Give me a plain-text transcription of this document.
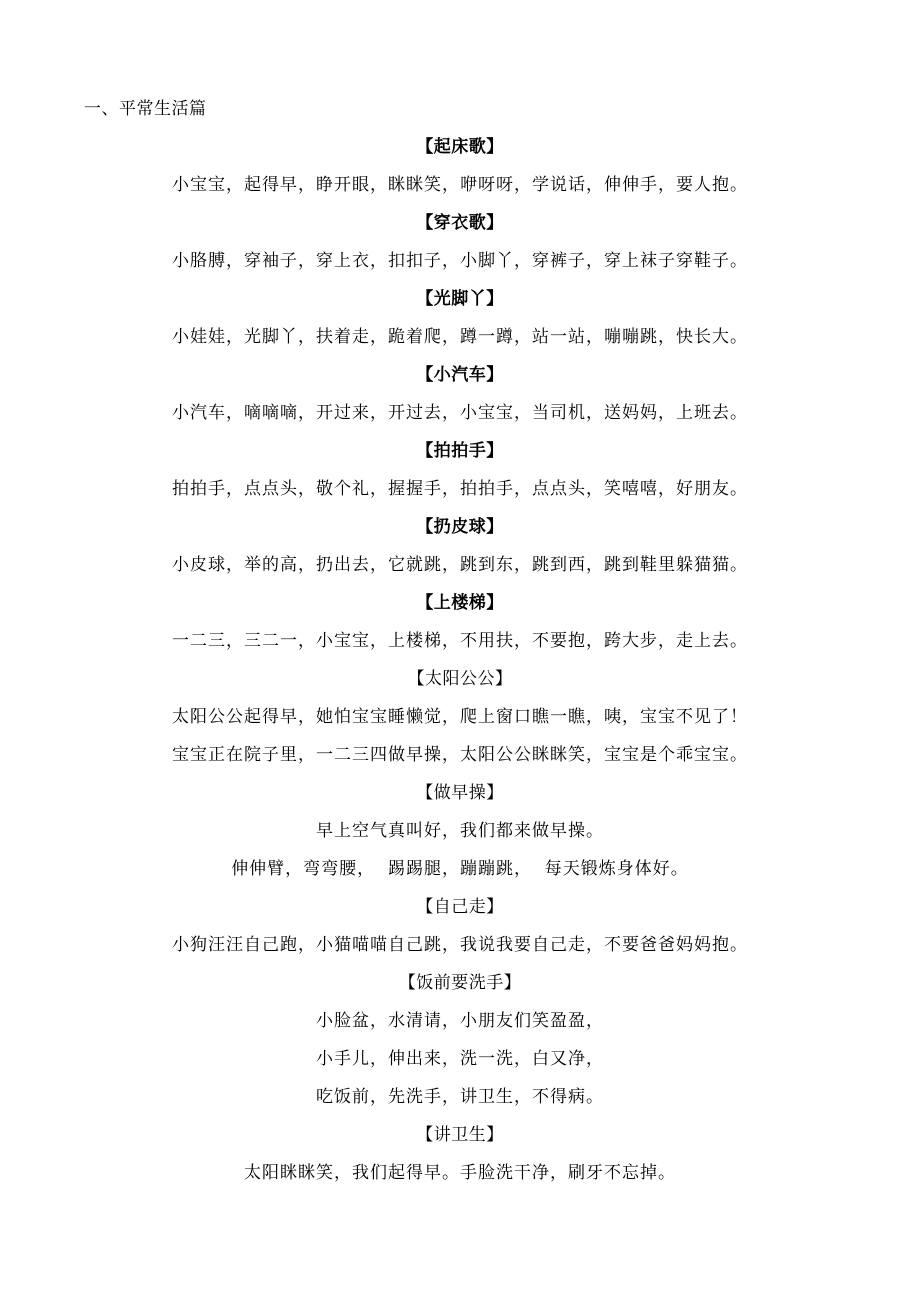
一、平常生活篇
【起床歌】
小宝宝，起得早，睁开眼，眯眯笑，咿呀呀，学说话，伸伸手，要人抱。
【穿衣歌】
小胳膊，穿袖子，穿上衣，扣扣子，小脚丫，穿裤子，穿上袜子穿鞋子。
【光脚丫】
小娃娃，光脚丫，扶着走，跪着爬，蹲一蹲，站一站，嘣嘣跳，快长大。
【小汽车】
小汽车，嘀嘀嘀，开过来，开过去，小宝宝，当司机，送妈妈，上班去。
【拍拍手】
拍拍手，点点头，敬个礼，握握手，拍拍手，点点头，笑嘻嘻，好朋友。
【扔皮球】
小皮球，举的高，扔出去，它就跳，跳到东，跳到西，跳到鞋里躲猫猫。
【上楼梯】
一二三，三二一，小宝宝，上楼梯，不用扶，不要抱，跨大步，走上去。
【太阳公公】
太阳公公起得早，她怕宝宝睡懒觉，爬上窗口瞧一瞧，咦，宝宝不见了！
宝宝正在院子里，一二三四做早操，太阳公公眯眯笑，宝宝是个乖宝宝。
【做早操】
早上空气真叫好，我们都来做早操。
伸伸臂，弯弯腰，  踢踢腿，蹦蹦跳，  每天锻炼身体好。
【自己走】
小狗汪汪自己跑，小猫喵喵自己跳，我说我要自己走，不要爸爸妈妈抱。
【饭前要洗手】
小脸盆，水清请，小朋友们笑盈盈，
小手儿，伸出来，洗一洗，白又净，
吃饭前，先洗手，讲卫生，不得病。
【讲卫生】
太阳眯眯笑，我们起得早。手脸洗干净，刷牙不忘掉。
